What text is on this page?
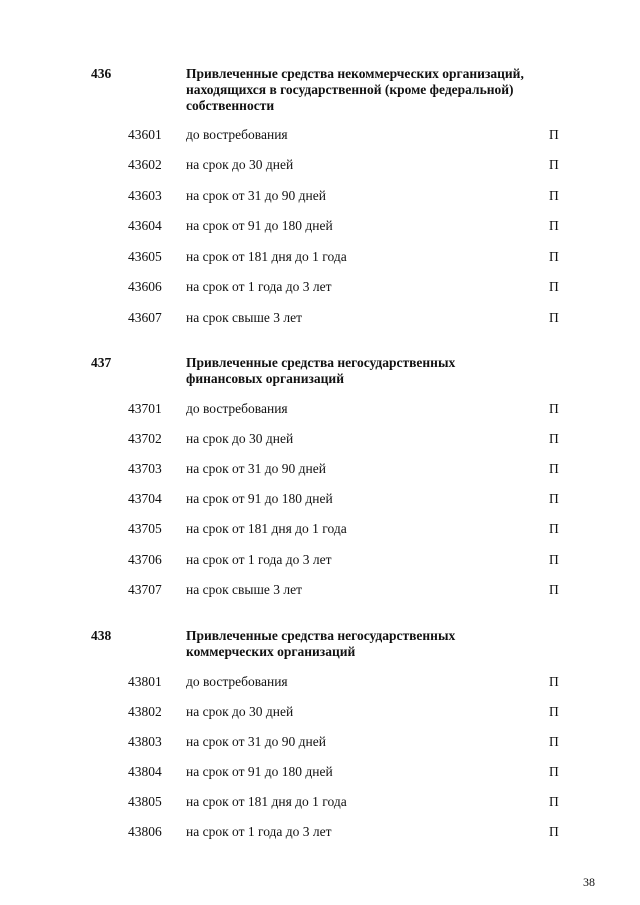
436	Привлеченные средства некоммерческих организаций, находящихся в государственной (кроме федеральной) собственности
43601 до востребования	П
43602 на срок до 30 дней	П
43603 на срок от 31 до 90 дней	П
43604 на срок от 91 до 180 дней	П
43605 на срок от 181 дня до 1 года	П
43606 на срок от 1 года до 3 лет	П
43607 на срок свыше 3 лет	П
437	Привлеченные средства негосударственных финансовых организаций
43701 до востребования	П
43702 на срок до 30 дней	П
43703 на срок от 31 до 90 дней	П
43704 на срок от 91 до 180 дней	П
43705 на срок от 181 дня до 1 года	П
43706 на срок от 1 года до 3 лет	П
43707 на срок свыше 3 лет	П
438	Привлеченные средства негосударственных коммерческих организаций
43801 до востребования	П
43802 на срок до 30 дней	П
43803 на срок от 31 до 90 дней	П
43804 на срок от 91 до 180 дней	П
43805 на срок от 181 дня до 1 года	П
43806 на срок от 1 года до 3 лет	П
38
